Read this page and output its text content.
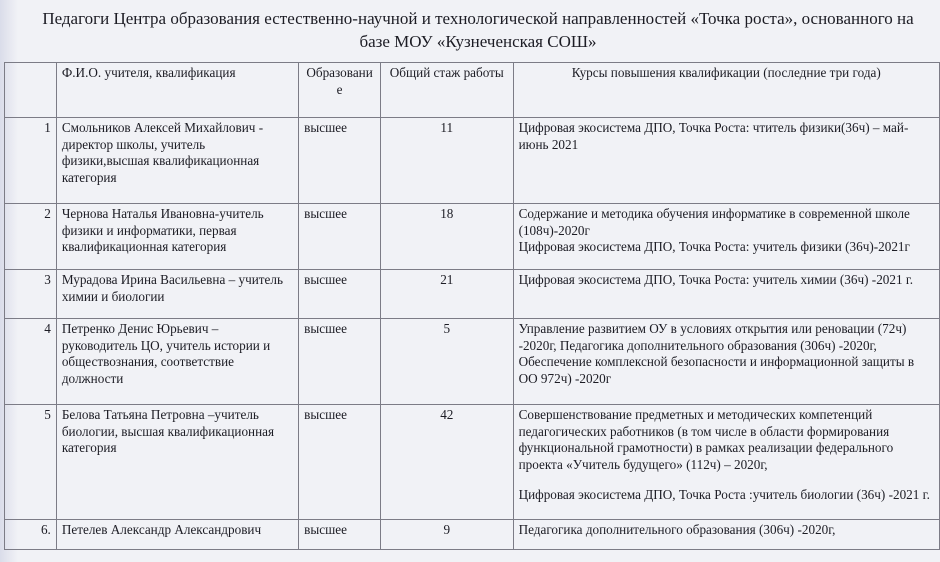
Педагоги Центра образования естественно-научной и технологической направленностей «Точка роста», основанного на базе МОУ «Кузнеченская СОШ»
	Ф.И.О. учителя, квалификация	Образование	Общий стаж работы	Курсы повышения квалификации (последние три года)
1	Смольников Алексей Михайлович - директор школы, учитель физики,высшая квалификационная категория	высшее	11	Цифровая экосистема ДПО, Точка Роста: чтитель физики(36ч) – май-июнь 2021

2	Чернова Наталья Ивановна-учитель физики и информатики, первая квалификационная категория	высшее	18	Содержание и методика обучения информатике в современной школе (108ч)-2020г
Цифровая экосистема ДПО, Точка Роста: учитель физики (36ч)-2021г

3	Мурадова Ирина Васильевна – учитель химии и биологии	высшее	21	Цифровая экосистема ДПО, Точка Роста: учитель химии (36ч) -2021 г.

4	Петренко Денис Юрьевич – руководитель ЦО, учитель истории и обществознания, соответствие должности	высшее	5	Управление развитием ОУ в условиях открытия или реновации (72ч) -2020г, Педагогика дополнительного образования (306ч) -2020г, Обеспечение комплексной безопасности и информационной защиты в ОО 972ч) -2020г

5	Белова Татьяна Петровна –учитель биологии, высшая квалификационная категория	высшее	42	Совершенствование предметных и методических компетенций педагогических работников (в том числе в области формирования функциональной грамотности) в рамках реализации федерального проекта «Учитель будущего» (112ч) – 2020г,
Цифровая экосистема ДПО, Точка Роста :учитель биологии (36ч) -2021 г.

6.	Петелев Александр Александрович	высшее	9	Педагогика дополнительного образования (306ч) -2020г,
